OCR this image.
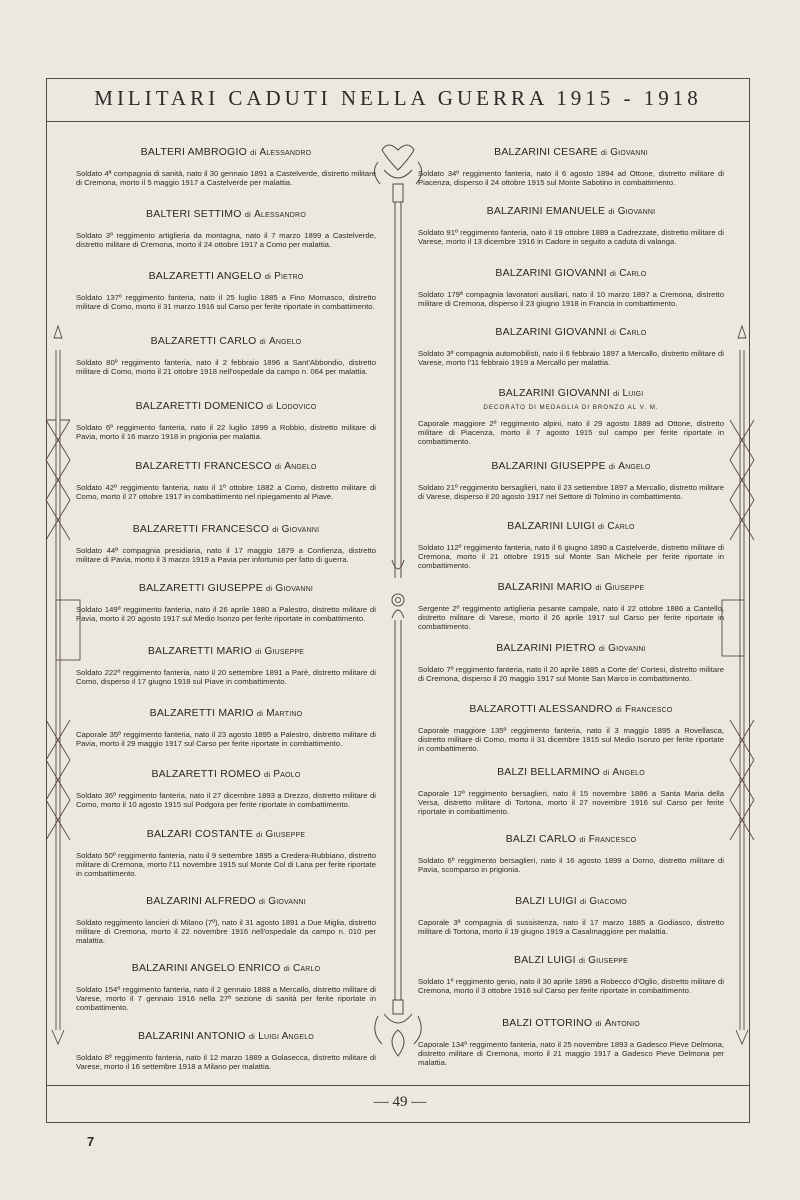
MILITARI CADUTI NELLA GUERRA 1915 - 1918
BALTERI AMBROGIO di Alessandro
Soldato 4ª compagnia di sanità, nato il 30 gennaio 1891 a Castelverde, distretto militare di Cremona, morto il 5 maggio 1917 a Castelverde per malattia.
BALTERI SETTIMO di Alessandro
Soldato 3º reggimento artiglieria da montagna, nato il 7 marzo 1899 a Castelverde, distretto militare di Cremona, morto il 24 ottobre 1917 a Como per malattia.
BALZARETTI ANGELO di Pietro
Soldato 137º reggimento fanteria, nato il 25 luglio 1885 a Fino Mornasco, distretto militare di Como, morto il 31 marzo 1916 sul Carso per ferite riportate in combattimento.
BALZARETTI CARLO di Angelo
Soldato 80º reggimento fanteria, nato il 2 febbraio 1896 a Sant'Abbondio, distretto militare di Como, morto il 21 ottobre 1918 nell'ospedale da campo n. 064 per malattia.
BALZARETTI DOMENICO di Lodovico
Soldato 6º reggimento fanteria, nato il 22 luglio 1899 a Robbio, distretto militare di Pavia, morto il 16 marzo 1918 in prigionia per malattia.
BALZARETTI FRANCESCO di Angelo
Soldato 42º reggimento fanteria, nato il 1º ottobre 1882 a Como, distretto militare di Como, morto il 27 ottobre 1917 in combattimento nel ripiegamento al Piave.
BALZARETTI FRANCESCO di Giovanni
Soldato 44ª compagnia presidiaria, nato il 17 maggio 1879 a Confienza, distretto militare di Pavia, morto il 3 marzo 1919 a Pavia per infortunio per fatto di guerra.
BALZARETTI GIUSEPPE di Giovanni
Soldato 149º reggimento fanteria, nato il 26 aprile 1880 a Palestro, distretto militare di Pavia, morto il 20 agosto 1917 sul Medio Isonzo per ferite riportate in combattimento.
BALZARETTI MARIO di Giuseppe
Soldato 222º reggimento fanteria, nato il 20 settembre 1891 a Parè, distretto militare di Como, disperso il 17 giugno 1918 sul Piave in combattimento.
BALZARETTI MARIO di Martino
Caporale 35º reggimento fanteria, nato il 23 agosto 1895 a Palestro, distretto militare di Pavia, morto il 29 maggio 1917 sul Carso per ferite riportate in combattimento.
BALZARETTI ROMEO di Paolo
Soldato 36º reggimento fanteria, nato il 27 dicembre 1893 a Drezzo, distretto militare di Como, morto il 10 agosto 1915 sul Podgora per ferite riportate in combattimento.
BALZARI COSTANTE di Giuseppe
Soldato 50º reggimento fanteria, nato il 9 settembre 1895 a Credera-Rubbiano, distretto militare di Cremona, morto l'11 novembre 1915 sul Monte Col di Lana per ferite riportate in combattimento.
BALZARINI ALFREDO di Giovanni
Soldato reggimento lancieri di Milano (7º), nato il 31 agosto 1891 a Due Miglia, distretto militare di Cremona, morto il 22 novembre 1916 nell'ospedale da campo n. 010 per malattia.
BALZARINI ANGELO ENRICO di Carlo
Soldato 154º reggimento fanteria, nato il 2 gennaio 1888 a Mercallo, distretto militare di Varese, morto il 7 gennaio 1916 nella 27ª sezione di sanità per ferite riportate in combattimento.
BALZARINI ANTONIO di Luigi Angelo
Soldato 8º reggimento fanteria, nato il 12 marzo 1889 a Golasecca, distretto militare di Varese, morto il 16 settembre 1918 a Milano per malattia.
BALZARINI CESARE di Giovanni
Soldato 34º reggimento fanteria, nato il 6 agosto 1894 ad Ottone, distretto militare di Piacenza, disperso il 24 ottobre 1915 sul Monte Sabotino in combattimento.
BALZARINI EMANUELE di Giovanni
Soldato 91º reggimento fanteria, nato il 19 ottobre 1889 a Cadrezzate, distretto militare di Varese, morto il 13 dicembre 1916 in Cadore in seguito a caduta di valanga.
BALZARINI GIOVANNI di Carlo
Soldato 179ª compagnia lavoratori ausiliari, nato il 10 marzo 1897 a Cremona, distretto militare di Cremona, disperso il 23 giugno 1918 in Francia in combattimento.
BALZARINI GIOVANNI di Carlo
Soldato 3ª compagnia automobilisti, nato il 6 febbraio 1897 a Mercallo, distretto militare di Varese, morto l'11 febbraio 1919 a Mercallo per malattia.
BALZARINI GIOVANNI di Luigi
DECORATO DI MEDAGLIA DI BRONZO AL V. M.
Caporale maggiore 2º reggimento alpini, nato il 29 agosto 1889 ad Ottone, distretto militare di Piacenza, morto il 7 agosto 1915 sul campo per ferite riportate in combattimento.
BALZARINI GIUSEPPE di Angelo
Soldato 21º reggimento bersaglieri, nato il 23 settembre 1897 a Mercallo, distretto militare di Varese, disperso il 20 agosto 1917 nel Settore di Tolmino in combattimento.
BALZARINI LUIGI di Carlo
Soldato 112º reggimento fanteria, nato il 6 giugno 1890 a Castelverde, distretto militare di Cremona, morto il 21 ottobre 1915 sul Monte San Michele per ferite riportate in combattimento.
BALZARINI MARIO di Giuseppe
Sergente 2º reggimento artiglieria pesante campale, nato il 22 ottobre 1886 a Cantello, distretto militare di Varese, morto il 26 aprile 1917 sul Carso per ferite riportate in combattimento.
BALZARINI PIETRO di Giovanni
Soldato 7º reggimento fanteria, nato il 20 aprile 1885 a Corte de' Cortesi, distretto militare di Cremona, disperso il 20 maggio 1917 sul Monte San Marco in combattimento.
BALZAROTTI ALESSANDRO di Francesco
Caporale maggiore 135º reggimento fanteria, nato il 3 maggio 1895 a Rovellasca, distretto militare di Como, morto il 31 dicembre 1915 sul Medio Isonzo per ferite riportate in combattimento.
BALZI BELLARMINO di Angelo
Caporale 12º reggimento bersaglieri, nato il 15 novembre 1886 a Santa Maria della Versa, distretto militare di Tortona, morto il 27 novembre 1916 sul Carso per ferite riportate in combattimento.
BALZI CARLO di Francesco
Soldato 6º reggimento bersaglieri, nato il 16 agosto 1899 a Dorno, distretto militare di Pavia, scomparso in prigionia.
BALZI LUIGI di Giacomo
Caporale 3ª compagnia di sussistenza, nato il 17 marzo 1885 a Godiasco, distretto militare di Tortona, morto il 19 giugno 1919 a Casalmaggiore per malattia.
BALZI LUIGI di Giuseppe
Soldato 1º reggimento genio, nato il 30 aprile 1896 a Robecco d'Oglio, distretto militare di Cremona, morto il 3 ottobre 1916 sul Carso per ferite riportate in combattimento.
BALZI OTTORINO di Antonio
Caporale 134º reggimento fanteria, nato il 25 novembre 1893 a Gadesco Pieve Delmona, distretto militare di Cremona, morto il 21 maggio 1917 a Gadesco Pieve Delmona per malattia.
— 49 —
7
